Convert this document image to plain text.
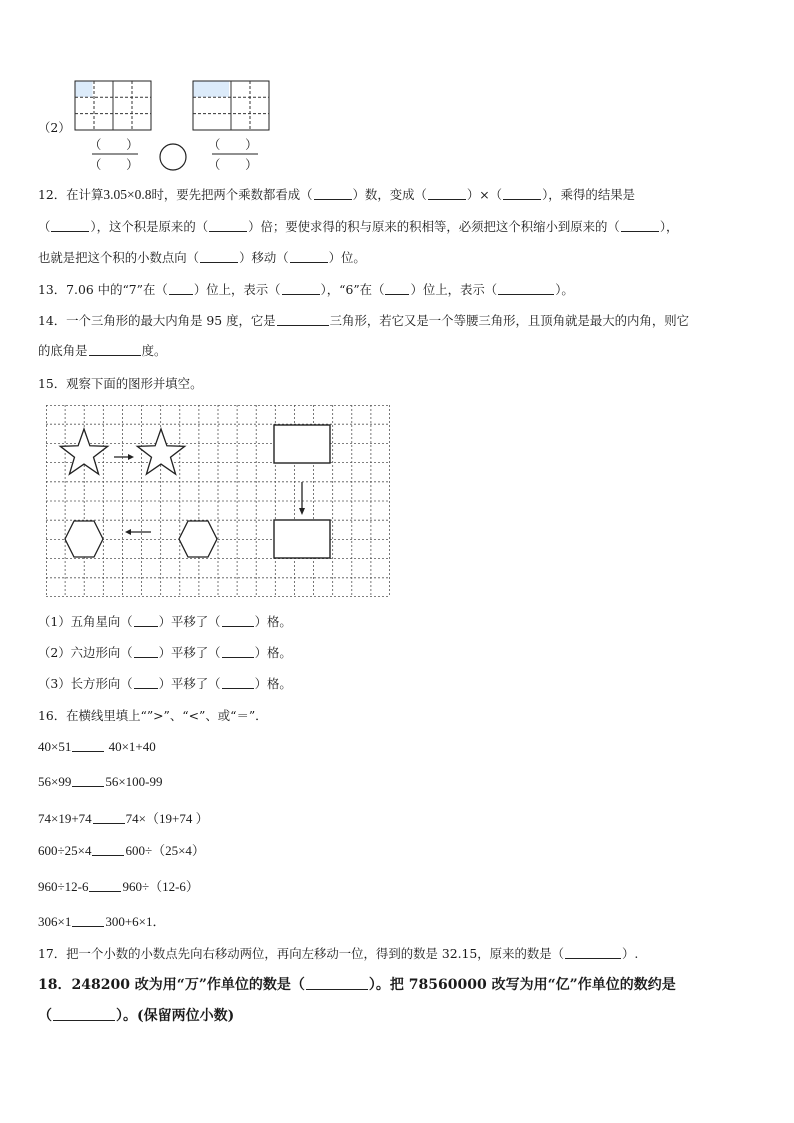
（2）
（　　）
（　　）
（　　）
（　　）
12．在计算3.05×0.8时，要先把两个乘数都看成（	）数，变成（	）×（	），乘得的结果是
（	），这个积是原来的（	）倍；要使求得的积与原来的积相等，必须把这个积缩小到原来的（	），
也就是把这个积的小数点向（	）移动（	）位。
13．7.06 中的“7”在（ ）位上，表示（	），“6”在（ ）位上，表示（	）。
14．一个三角形的最大内角是 95 度，它是	三角形，若它又是一个等腰三角形，且顶角就是最大的内角，则它
的底角是	度。
15．观察下面的图形并填空。
（1）五角星向（ ）平移了（	）格。
（2）六边形向（ ）平移了（	）格。
（3）长方形向（ ）平移了（	）格。
16．在横线里填上“”>”、“<”、或“＝”．
40×51	40×1+40
56×99	56×100-99
74×19+74	74×（19+74 ）
600÷25×4	600÷（25×4）
960÷12-6	960÷（12-6）
306×1	300+6×1．
17．把一个小数的小数点先向右移动两位，再向左移动一位，得到的数是 32.15，原来的数是（	）.
18．248200 改为用“万”作单位的数是（	）。把 78560000 改写为用“亿”作单位的数约是
（	）。(保留两位小数)
